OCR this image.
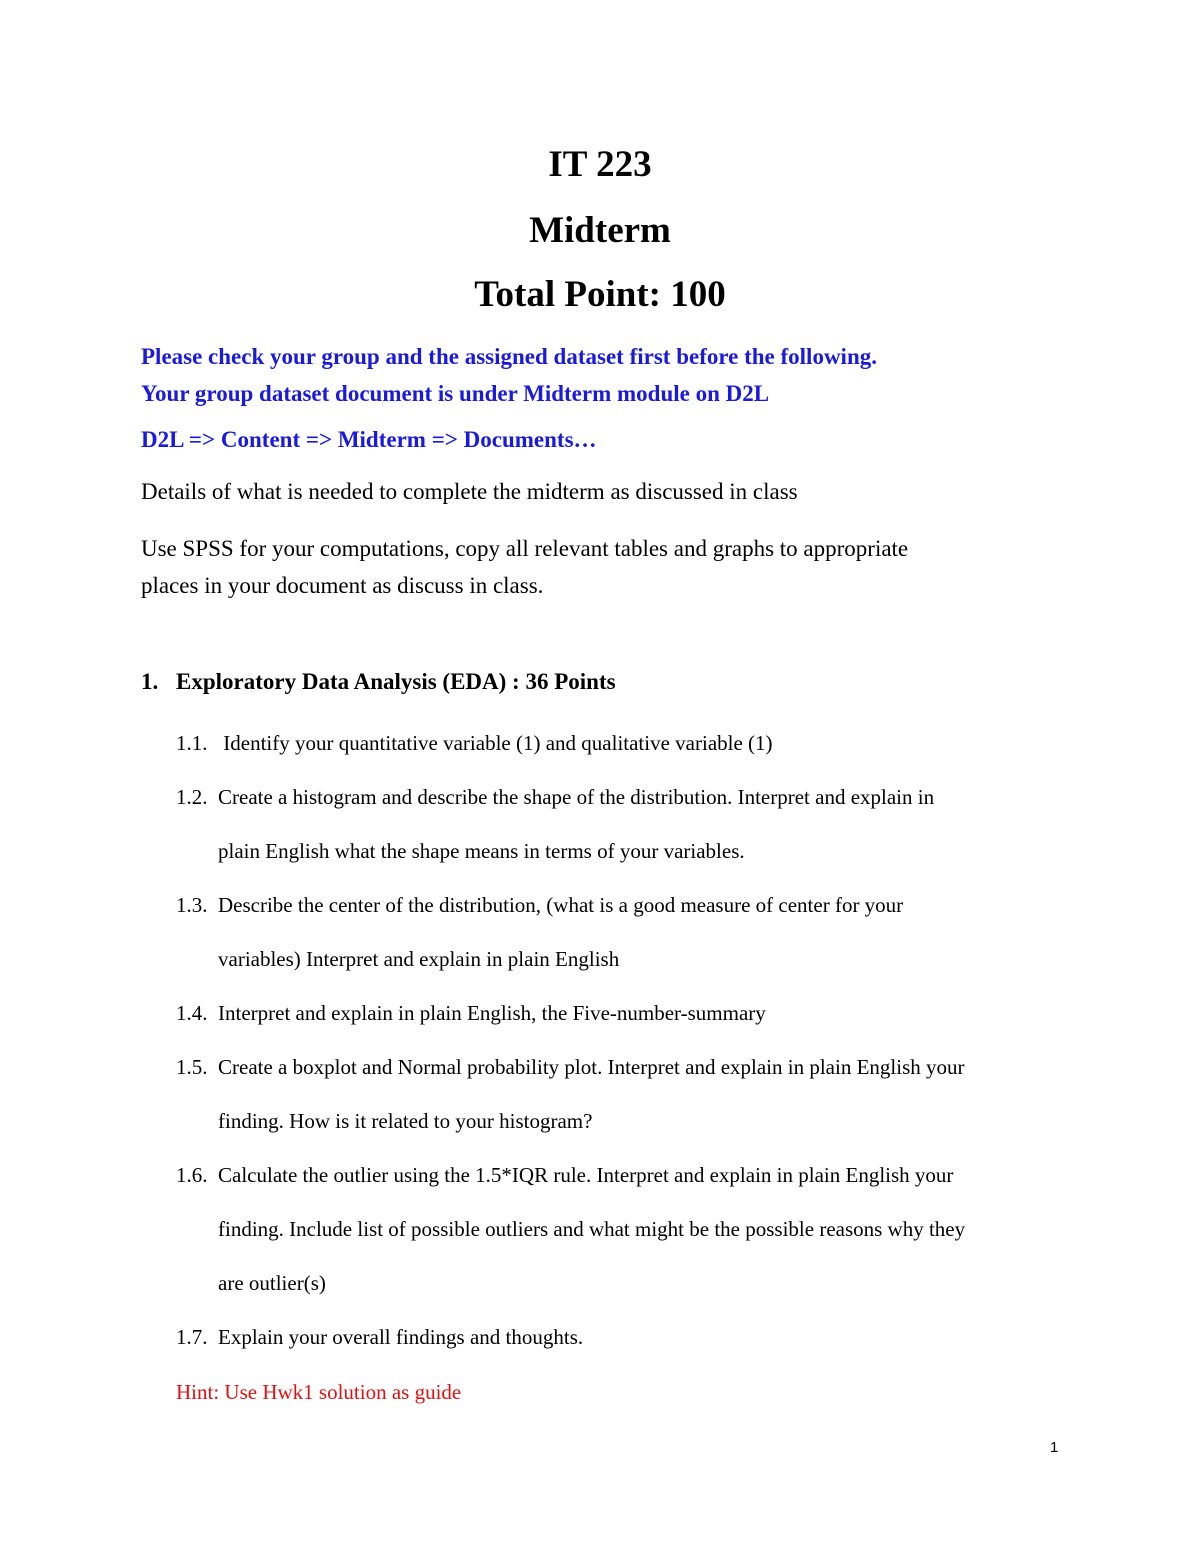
IT 223
Midterm
Total Point: 100
Please check your group and the assigned dataset first before the following.
Your group dataset document is under Midterm module on D2L
D2L => Content => Midterm => Documents…
Details of what is needed to complete the midterm as discussed in class
Use SPSS for your computations, copy all relevant tables and graphs to appropriate
places in your document as discuss in class.
1. Exploratory Data Analysis (EDA) : 36 Points
1.1. Identify your quantitative variable (1) and qualitative variable (1)
1.2. Create a histogram and describe the shape of the distribution. Interpret and explain in
plain English what the shape means in terms of your variables.
1.3. Describe the center of the distribution, (what is a good measure of center for your
variables) Interpret and explain in plain English
1.4. Interpret and explain in plain English, the Five-number-summary
1.5. Create a boxplot and Normal probability plot. Interpret and explain in plain English your
finding. How is it related to your histogram?
1.6. Calculate the outlier using the 1.5*IQR rule. Interpret and explain in plain English your
finding. Include list of possible outliers and what might be the possible reasons why they
are outlier(s)
1.7. Explain your overall findings and thoughts.
Hint: Use Hwk1 solution as guide
1
